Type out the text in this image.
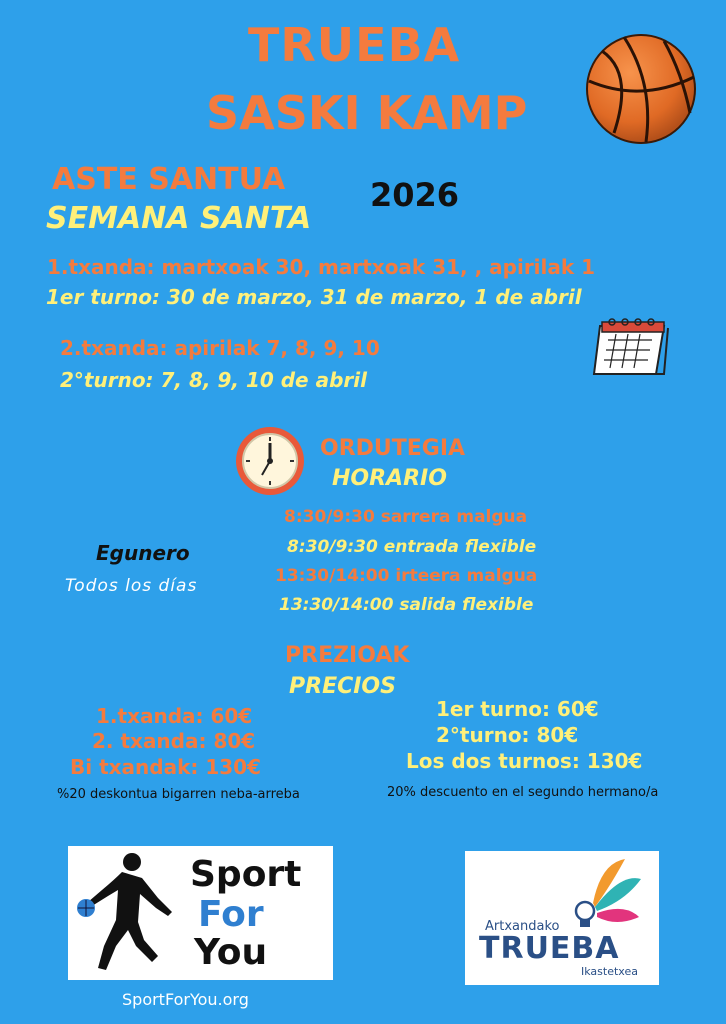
TRUEBA
SASKI KAMP
ASTE SANTUA
SEMANA SANTA
2026
1.txanda: martxoak 30, martxoak 31, , apirilak 1
1er turno: 30 de marzo, 31 de marzo, 1 de abril
2.txanda: apirilak 7, 8, 9, 10
2°turno: 7, 8, 9, 10 de abril
ORDUTEGIA
HORARIO
Egunero
Todos los días
8:30/9:30 sarrera malgua
8:30/9:30 entrada flexible
13:30/14:00 irteera malgua
13:30/14:00 salida flexible
PREZIOAK
PRECIOS
1.txanda: 60€
2. txanda: 80€
Bi txandak: 130€
%20 deskontua bigarren neba-arreba
1er turno: 60€
2°turno: 80€
Los dos turnos: 130€
20% descuento en el segundo hermano/a
Sport
For
You
SportForYou.org
Artxandako
TRUEBA
Ikastetxea
